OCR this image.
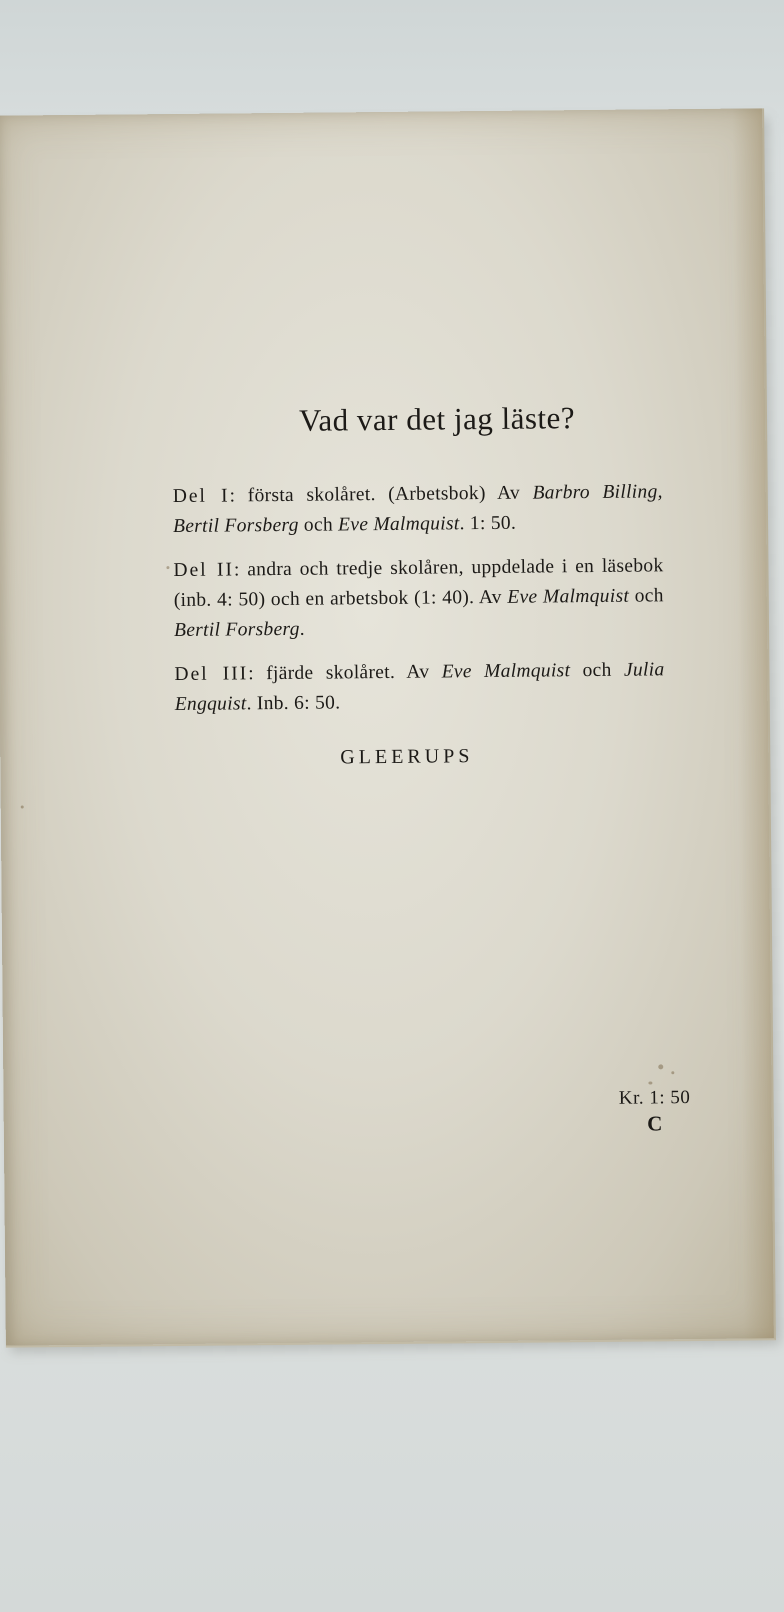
Vad var det jag läste?

Del I: första skolåret. (Arbetsbok) Av Barbro Billing, Bertil Forsberg och Eve Malmquist. 1: 50.

Del II: andra och tredje skolåren, uppdelade i en läsebok (inb. 4: 50) och en arbetsbok (1: 40). Av Eve Malmquist och Bertil Forsberg.

Del III: fjärde skolåret. Av Eve Malmquist och Julia Engquist. Inb. 6: 50.

GLEERUPS
Kr. 1: 50
C
